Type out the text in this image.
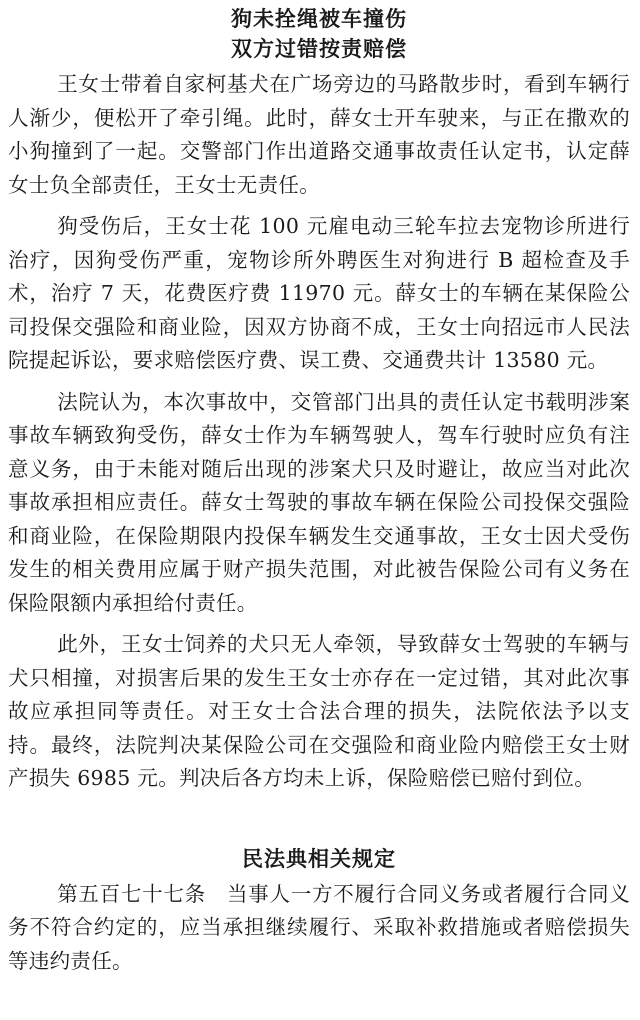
狗未拴绳被车撞伤

双方过错按责赔偿

王女士带着自家柯基犬在广场旁边的马路散步时，看到车辆行人渐少，便松开了牵引绳。此时，薛女士开车驶来，与正在撒欢的小狗撞到了一起。交警部门作出道路交通事故责任认定书，认定薛女士负全部责任，王女士无责任。

狗受伤后，王女士花 100 元雇电动三轮车拉去宠物诊所进行治疗，因狗受伤严重，宠物诊所外聘医生对狗进行 B 超检查及手术，治疗 7 天，花费医疗费 11970 元。薛女士的车辆在某保险公司投保交强险和商业险，因双方协商不成，王女士向招远市人民法院提起诉讼，要求赔偿医疗费、误工费、交通费共计 13580 元。

法院认为，本次事故中，交管部门出具的责任认定书载明涉案事故车辆致狗受伤，薛女士作为车辆驾驶人，驾车行驶时应负有注意义务，由于未能对随后出现的涉案犬只及时避让，故应当对此次事故承担相应责任。薛女士驾驶的事故车辆在保险公司投保交强险和商业险，在保险期限内投保车辆发生交通事故，王女士因犬受伤发生的相关费用应属于财产损失范围，对此被告保险公司有义务在保险限额内承担给付责任。

此外，王女士饲养的犬只无人牵领，导致薛女士驾驶的车辆与犬只相撞，对损害后果的发生王女士亦存在一定过错，其对此次事故应承担同等责任。对王女士合法合理的损失，法院依法予以支持。最终，法院判决某保险公司在交强险和商业险内赔偿王女士财产损失 6985 元。判决后各方均未上诉，保险赔偿已赔付到位。

民法典相关规定

第五百七十七条　当事人一方不履行合同义务或者履行合同义务不符合约定的，应当承担继续履行、采取补救措施或者赔偿损失等违约责任。
